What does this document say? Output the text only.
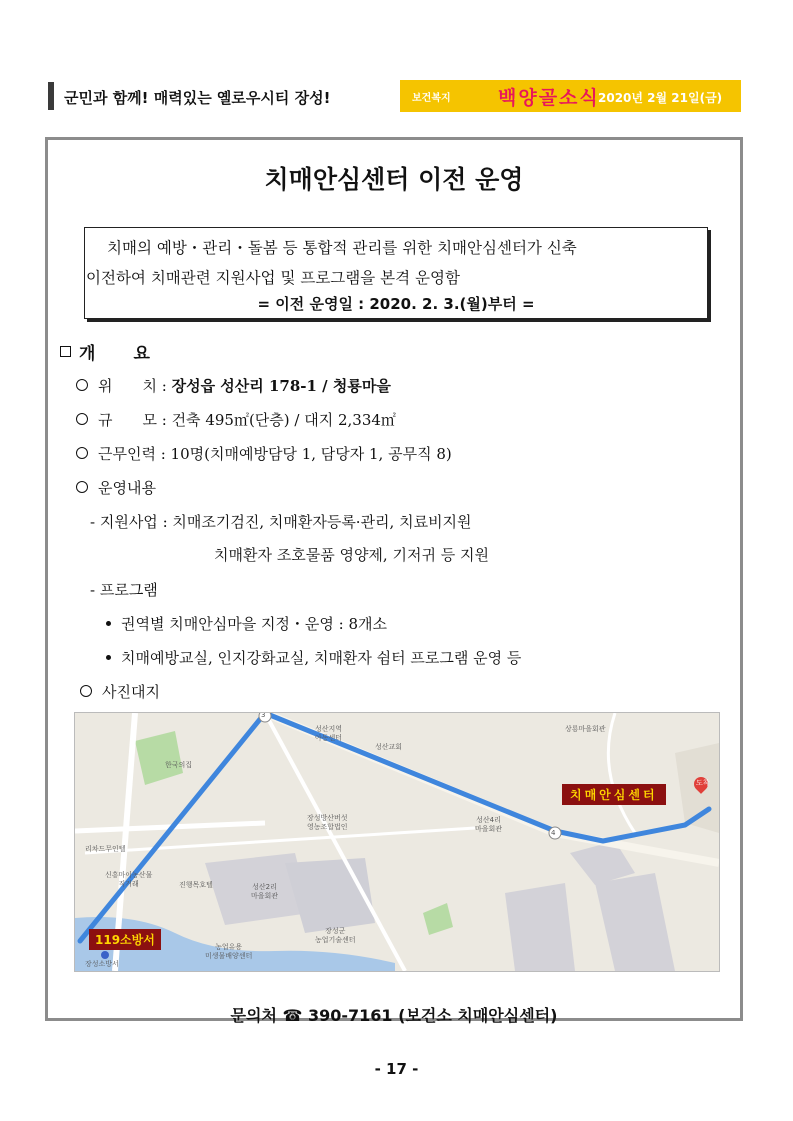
군민과 함께! 매력있는 옐로우시티 장성!	보건복지 백양골소식
2020년 2월 21일(금)
치매안심센터 이전 운영
치매의 예방・관리・돌봄 등 통합적 관리를 위한 치매안심센터가 신축
이전하여 치매관련 지원사업 및 프로그램을 본격 운영함
= 이전 운영일 : 2020. 2. 3.(월)부터 =
개 요
위　　치 : 장성읍 성산리 178-1 / 청룡마을
규　　모 : 건축 495㎡(단층) / 대지 2,334㎡
근무인력 : 10명(치매예방담당 1, 담당자 1, 공무직 8)
운영내용
- 지원사업 : 치매조기검진, 치매환자등록·관리, 치료비지원
치매환자 조호물품 영양제, 기저귀 등 지원
- 프로그램
권역별 치매안심마을 지정・운영 : 8개소
치매예방교실, 인지강화교실, 치매환자 쉼터 프로그램 운영 등
사진대지
3
4
성산지역
아동센터
성산교회
상룡마을회관
한국의집
장성방산버섯
영농조합법인
성산4리
마을회관
리차드무인텔
신흥마이농산물
직거래	진행목호텔	성산2리
마을회관
장성군
농업기술센터
농업유용
미생물배양센터
장성소방서
치매안심센터
도착
119소방서
문의처 ☎ 390-7161 (보건소 치매안심센터)
- 17 -
